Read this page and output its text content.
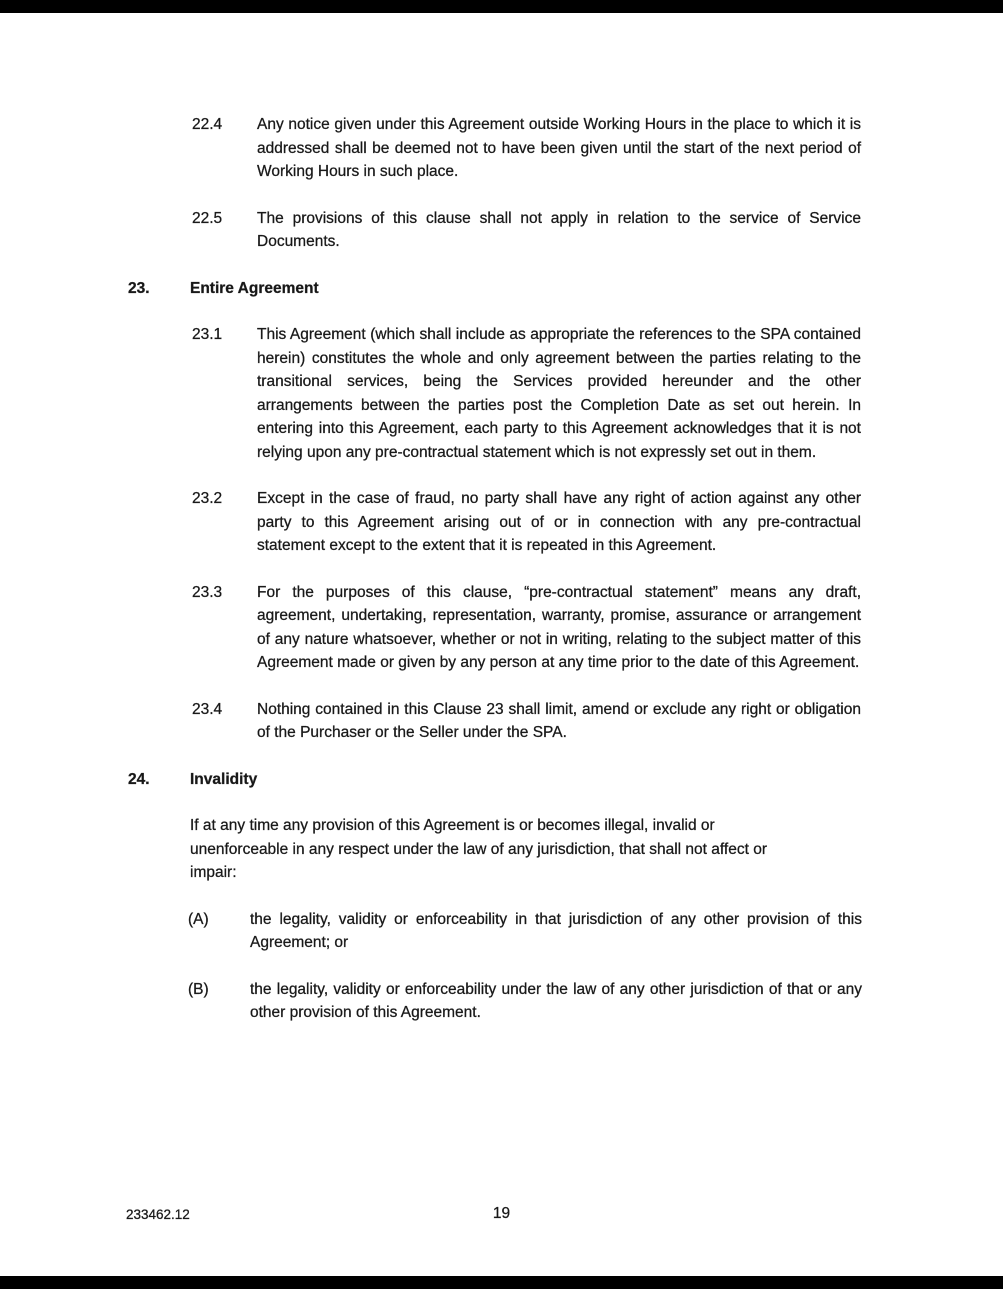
22.4	Any notice given under this Agreement outside Working Hours in the place to which it is addressed shall be deemed not to have been given until the start of the next period of Working Hours in such place.
22.5	The provisions of this clause shall not apply in relation to the service of Service Documents.
23.	Entire Agreement
23.1	This Agreement (which shall include as appropriate the references to the SPA contained herein) constitutes the whole and only agreement between the parties relating to the transitional services, being the Services provided hereunder and the other arrangements between the parties post the Completion Date as set out herein. In entering into this Agreement, each party to this Agreement acknowledges that it is not relying upon any pre-contractual statement which is not expressly set out in them.
23.2	Except in the case of fraud, no party shall have any right of action against any other party to this Agreement arising out of or in connection with any pre-contractual statement except to the extent that it is repeated in this Agreement.
23.3	For the purposes of this clause, “pre-contractual statement” means any draft, agreement, undertaking, representation, warranty, promise, assurance or arrangement of any nature whatsoever, whether or not in writing, relating to the subject matter of this Agreement made or given by any person at any time prior to the date of this Agreement.
23.4	Nothing contained in this Clause 23 shall limit, amend or exclude any right or obligation of the Purchaser or the Seller under the SPA.
24.	Invalidity
If at any time any provision of this Agreement is or becomes illegal, invalid or
unenforceable in any respect under the law of any jurisdiction, that shall not affect or
impair:
(A)	the legality, validity or enforceability in that jurisdiction of any other provision of this Agreement; or
(B)	the legality, validity or enforceability under the law of any other jurisdiction of that or any other provision of this Agreement.
233462.12	19
